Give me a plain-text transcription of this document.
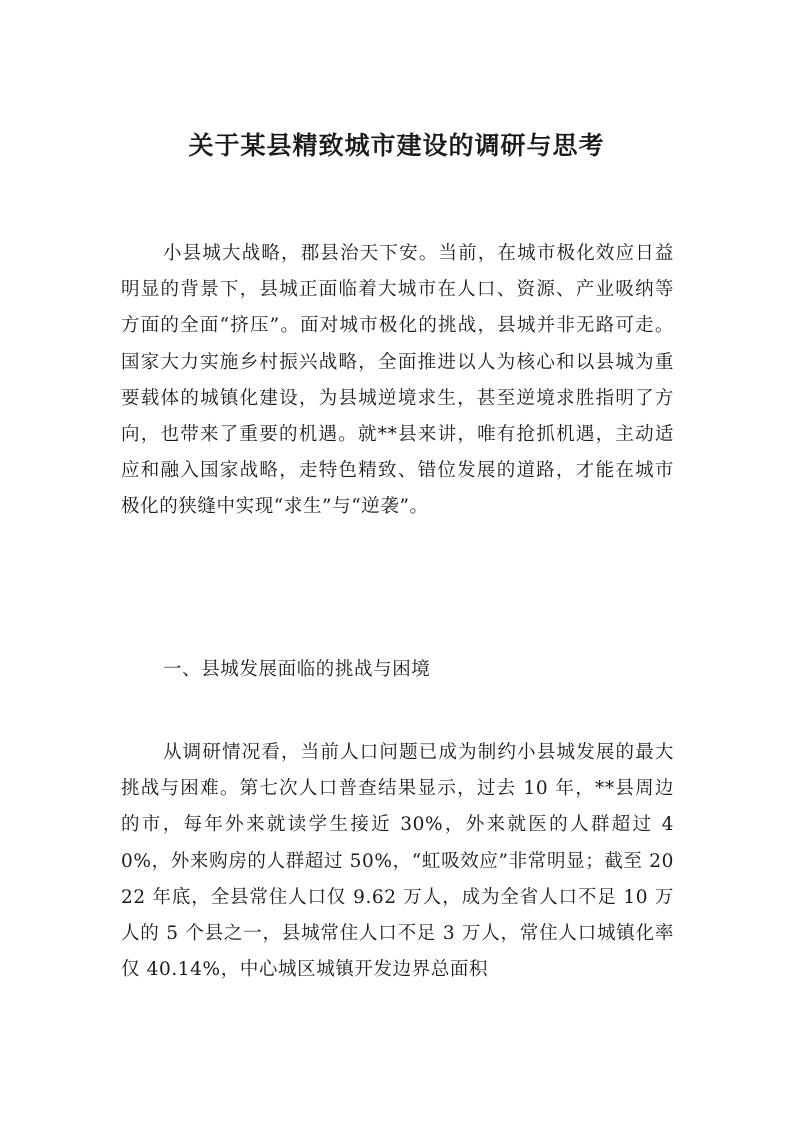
关于某县精致城市建设的调研与思考

小县城大战略，郡县治天下安。当前，在城市极化效应日益明显的背景下，县城正面临着大城市在人口、资源、产业吸纳等方面的全面“挤压”。面对城市极化的挑战，县城并非无路可走。国家大力实施乡村振兴战略，全面推进以人为核心和以县城为重要载体的城镇化建设，为县城逆境求生，甚至逆境求胜指明了方向，也带来了重要的机遇。就**县来讲，唯有抢抓机遇，主动适应和融入国家战略，走特色精致、错位发展的道路，才能在城市极化的狭缝中实现“求生”与“逆袭”。

一、县城发展面临的挑战与困境

从调研情况看，当前人口问题已成为制约小县城发展的最大挑战与困难。第七次人口普查结果显示，过去 10 年，**县周边的市，每年外来就读学生接近 30%，外来就医的人群超过 40%，外来购房的人群超过 50%，“虹吸效应”非常明显；截至 2022 年底，全县常住人口仅 9.62 万人，成为全省人口不足 10 万人的 5 个县之一，县城常住人口不足 3 万人，常住人口城镇化率仅 40.14%，中心城区城镇开发边界总面积
